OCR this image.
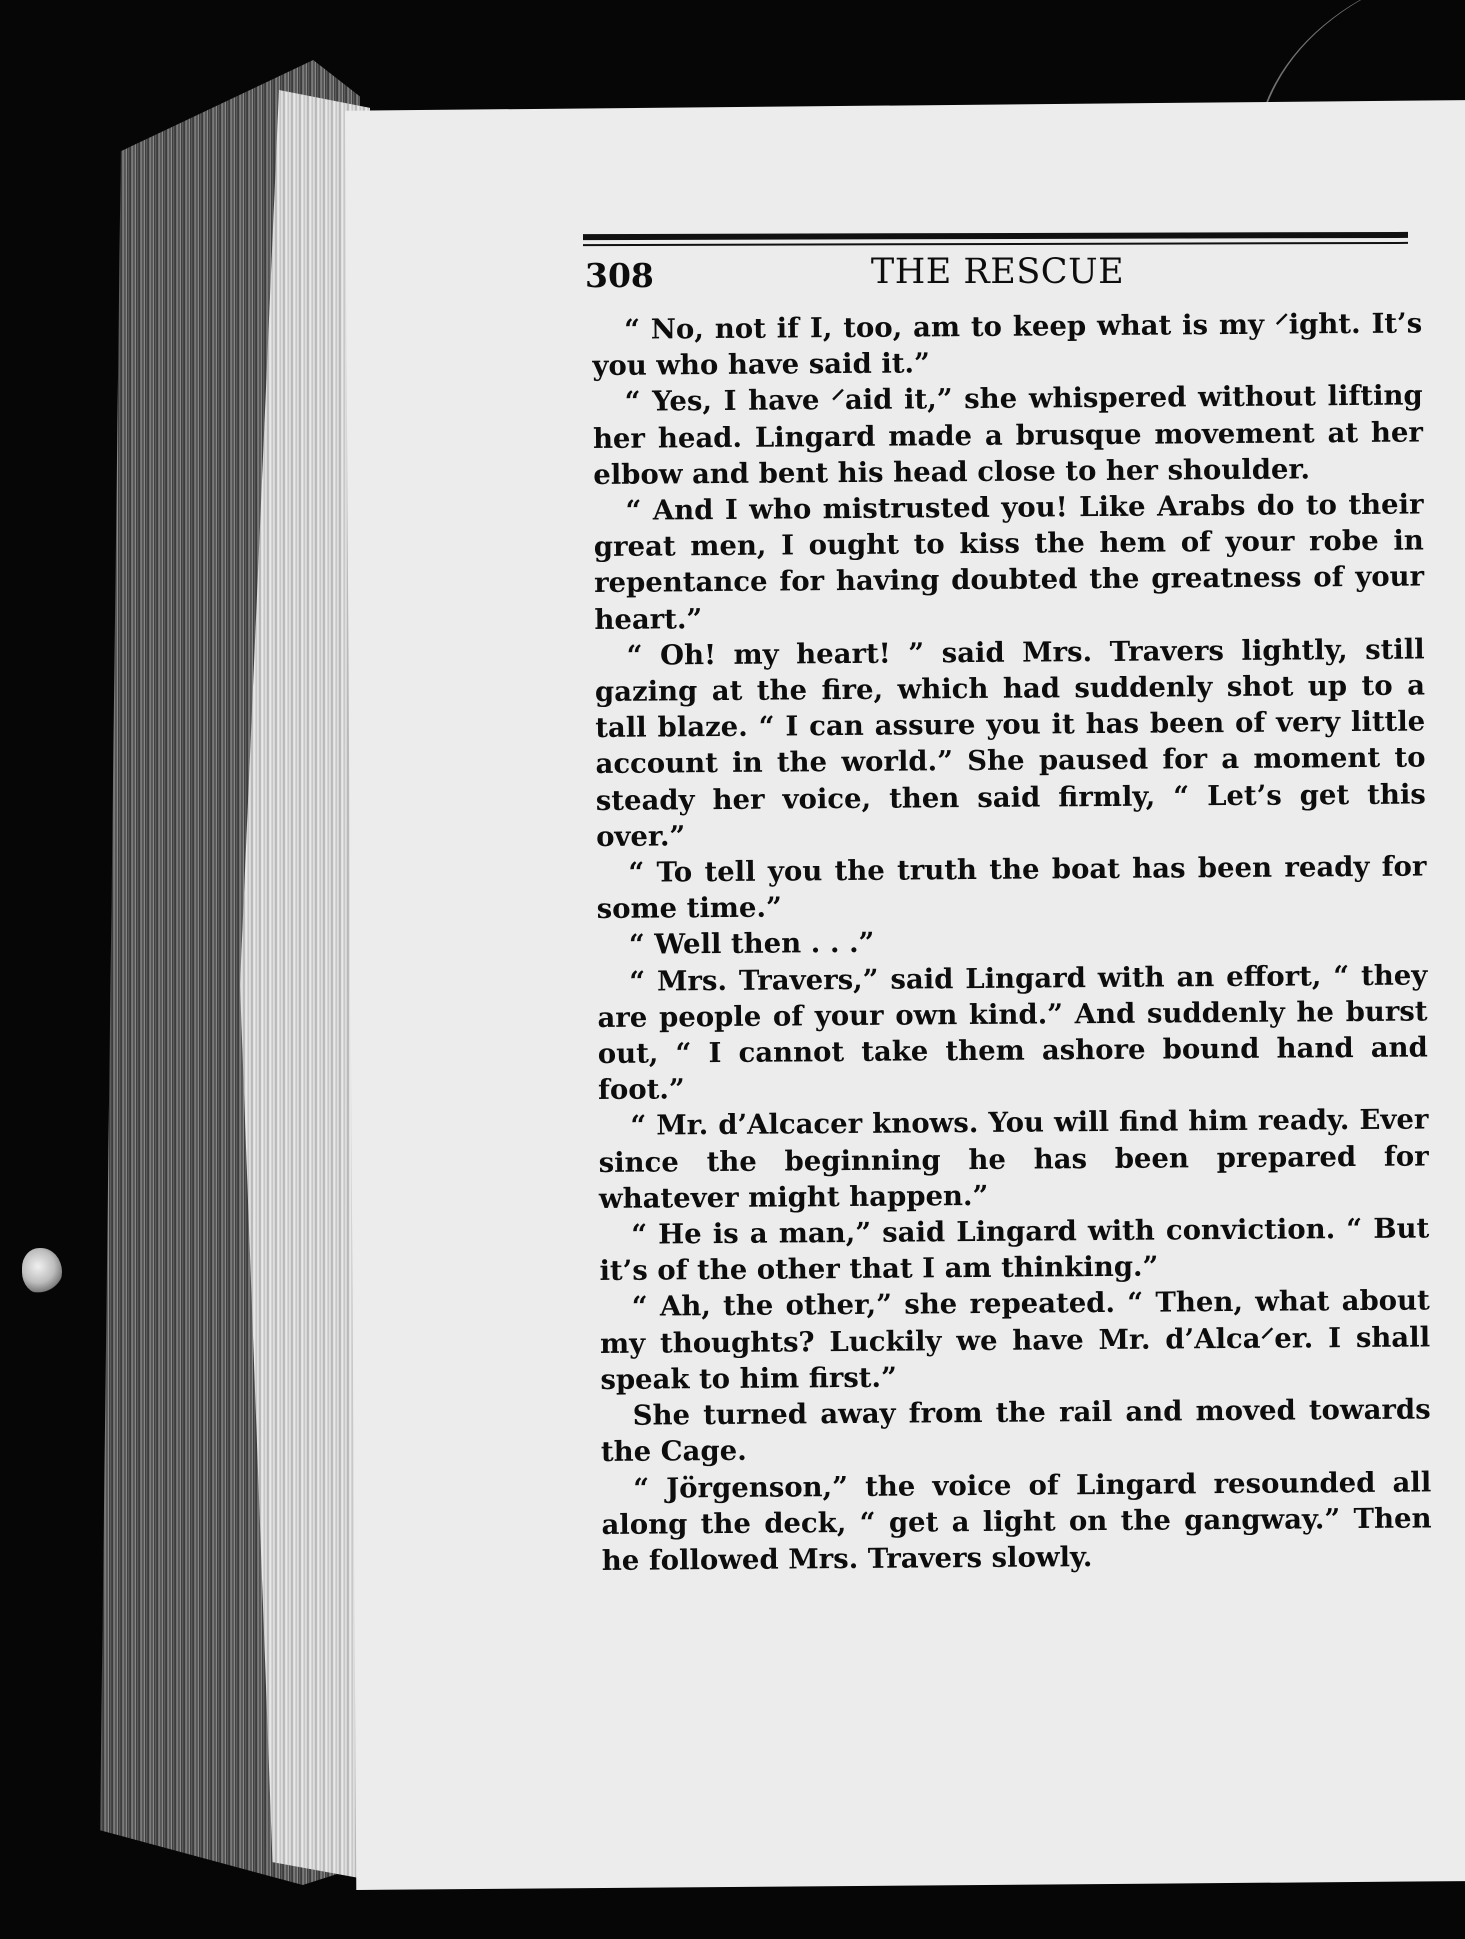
308	THE RESCUE

“ No, not if I, too, am to keep what is my ⸍ight. It’s you who have said it.”

“ Yes, I have ⸍aid it,” she whispered without lifting her head. Lingard made a brusque movement at her elbow and bent his head close to her shoulder.

“ And I who mistrusted you! Like Arabs do to their great men, I ought to kiss the hem of your robe in repentance for having doubted the greatness of your heart.”

“ Oh! my heart! ” said Mrs. Travers lightly, still gazing at the fire, which had suddenly shot up to a tall blaze. “ I can assure you it has been of very little account in the world.” She paused for a moment to steady her voice, then said firmly, “ Let’s get this over.”

“ To tell you the truth the boat has been ready for some time.”

“ Well then . . .”

“ Mrs. Travers,” said Lingard with an effort, “ they are people of your own kind.” And suddenly he burst out, “ I cannot take them ashore bound hand and foot.”

“ Mr. d’Alcacer knows. You will find him ready. Ever since the beginning he has been prepared for whatever might happen.”

“ He is a man,” said Lingard with conviction. “ But it’s of the other that I am thinking.”

“ Ah, the other,” she repeated. “ Then, what about my thoughts? Luckily we have Mr. d’Alca⸍er. I shall speak to him first.”

She turned away from the rail and moved towards the Cage.

“ Jörgenson,” the voice of Lingard resounded all along the deck, “ get a light on the gangway.” Then he followed Mrs. Travers slowly.
